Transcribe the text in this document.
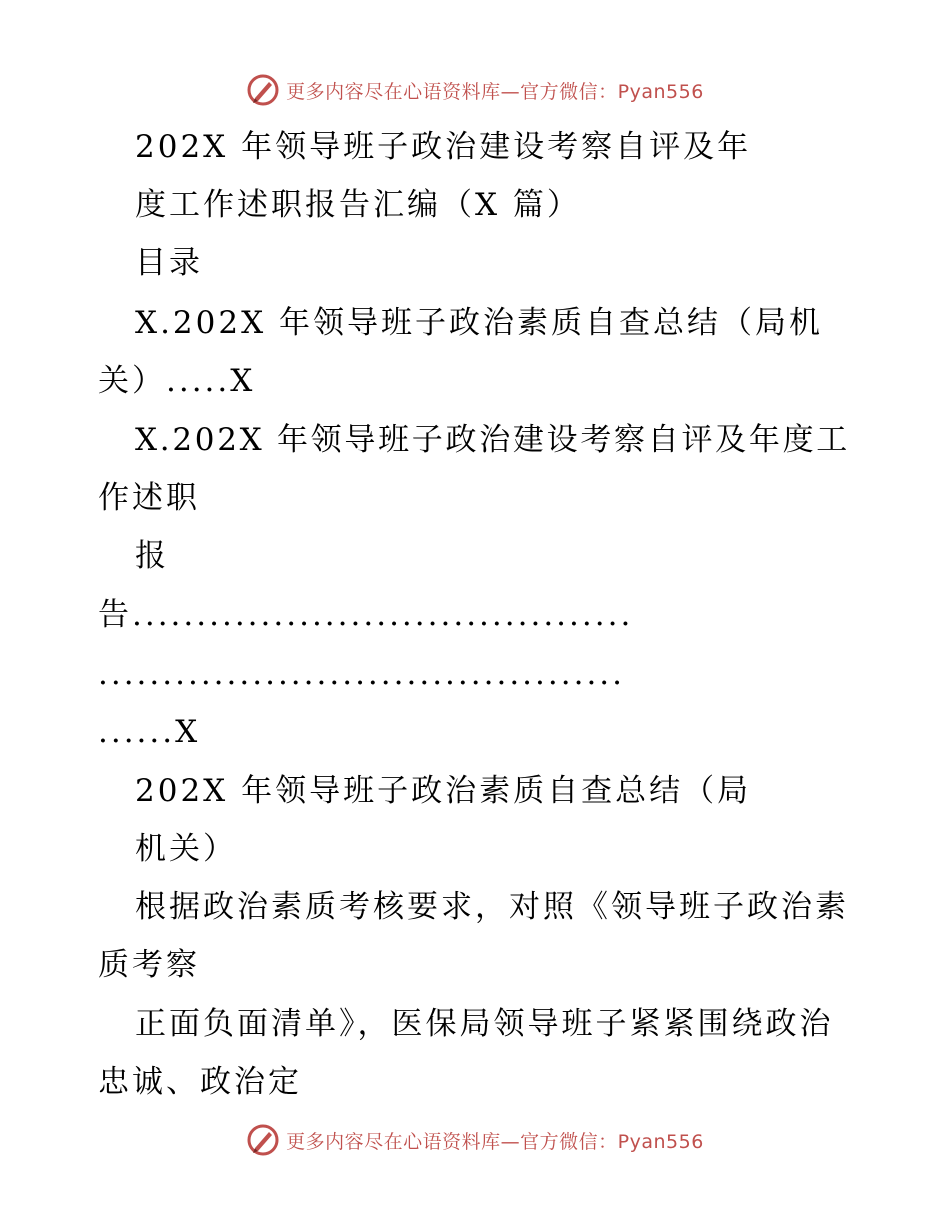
更多内容尽在心语资料库—官方微信：Pyan556
202X 年领导班子政治建设考察自评及年
度工作述职报告汇编（X 篇）
目录
X.202X 年领导班子政治素质自查总结（局机
关）.....X
X.202X 年领导班子政治建设考察自评及年度工
作述职
报
告.......................................
.........................................
......X
202X 年领导班子政治素质自查总结（局
机关）
根据政治素质考核要求，对照《领导班子政治素
质考察
正面负面清单》，医保局领导班子紧紧围绕政治
忠诚、政治定
更多内容尽在心语资料库—官方微信：Pyan556
